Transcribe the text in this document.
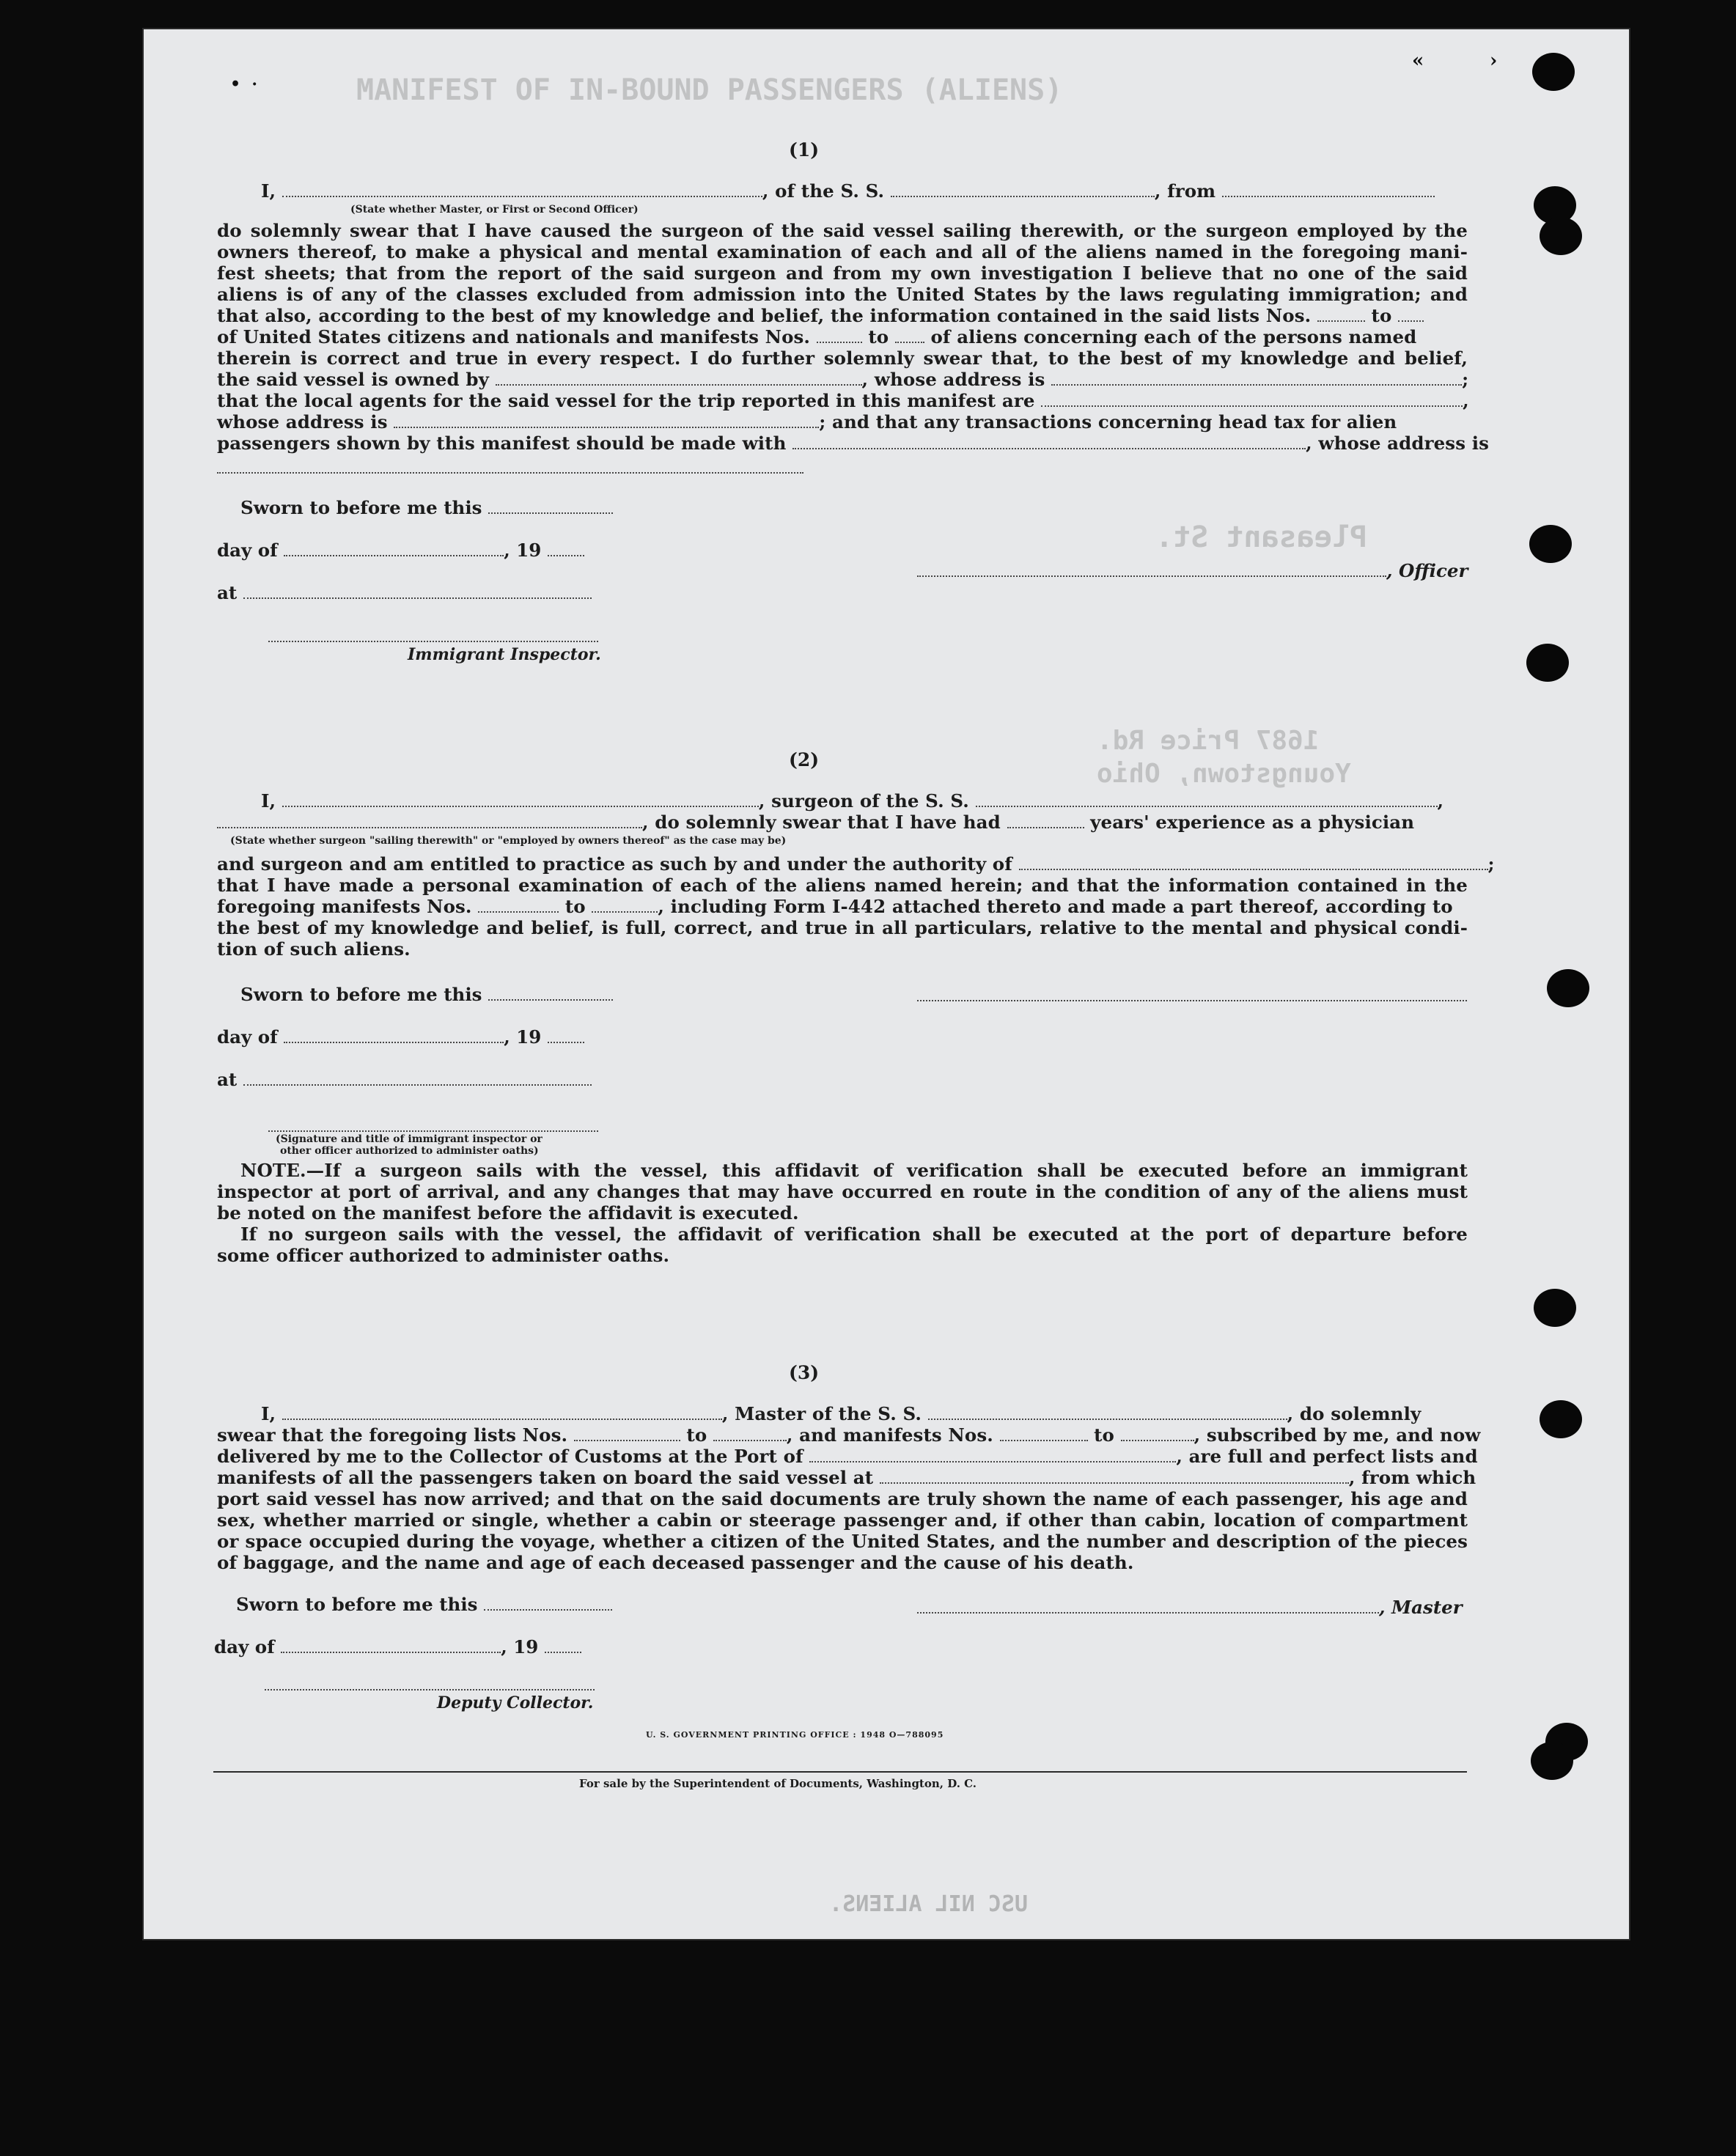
MANIFEST OF IN-BOUND PASSENGERS (ALIENS)
Pleasant St.
1687 Price Rd.
Youngstown, Ohio
USC NIL ALIENS.
(1)
I,	, of the S. S.	, from
(State whether Master, or First or Second Officer)
do solemnly swear that I have caused the surgeon of the said vessel sailing therewith, or the surgeon employed by the
owners thereof, to make a physical and mental examination of each and all of the aliens named in the foregoing mani-
fest sheets; that from the report of the said surgeon and from my own investigation I believe that no one of the said
aliens is of any of the classes excluded from admission into the United States by the laws regulating immigration; and
that also, according to the best of my knowledge and belief, the information contained in the said lists Nos.	to
of United States citizens and nationals and manifests Nos.	to of aliens concerning each of the persons named
therein is correct and true in every respect. I do further solemnly swear that, to the best of my knowledge and belief,
the said vessel is owned by	, whose address is	;
that the local agents for the said vessel for the trip reported in this manifest are	,
whose address is	; and that any transactions concerning head tax for alien
passengers shown by this manifest should be made with	, whose address is
Sworn to before me this
day of	, 19
at
Immigrant Inspector.
, Officer
(2)
I,	, surgeon of the S. S.	,
, do solemnly swear that I have had	years' experience as a physician
(State whether surgeon "sailing therewith" or "employed by owners thereof" as the case may be)
and surgeon and am entitled to practice as such by and under the authority of	;
that I have made a personal examination of each of the aliens named herein; and that the information contained in the
foregoing manifests Nos.	to	, including Form I-442 attached thereto and made a part thereof, according to
the best of my knowledge and belief, is full, correct, and true in all particulars, relative to the mental and physical condi-
tion of such aliens.
Sworn to before me this
day of	, 19
at
(Signature and title of immigrant inspector or
other officer authorized to administer oaths)
NOTE.—If a surgeon sails with the vessel, this affidavit of verification shall be executed before an immigrant
inspector at port of arrival, and any changes that may have occurred en route in the condition of any of the aliens must
be noted on the manifest before the affidavit is executed.
If no surgeon sails with the vessel, the affidavit of verification shall be executed at the port of departure before
some officer authorized to administer oaths.
(3)
I,	, Master of the S. S.	, do solemnly
swear that the foregoing lists Nos.	to	, and manifests Nos.	to	, subscribed by me, and now
delivered by me to the Collector of Customs at the Port of	, are full and perfect lists and
manifests of all the passengers taken on board the said vessel at	, from which
port said vessel has now arrived; and that on the said documents are truly shown the name of each passenger, his age and
sex, whether married or single, whether a cabin or steerage passenger and, if other than cabin, location of compartment
or space occupied during the voyage, whether a citizen of the United States, and the number and description of the pieces
of baggage, and the name and age of each deceased passenger and the cause of his death.
Sworn to before me this	, Master
day of	, 19
Deputy Collector.
U. S. GOVERNMENT PRINTING OFFICE : 1948 O—788095
For sale by the Superintendent of Documents, Washington, D. C.
•  ·
«	›
